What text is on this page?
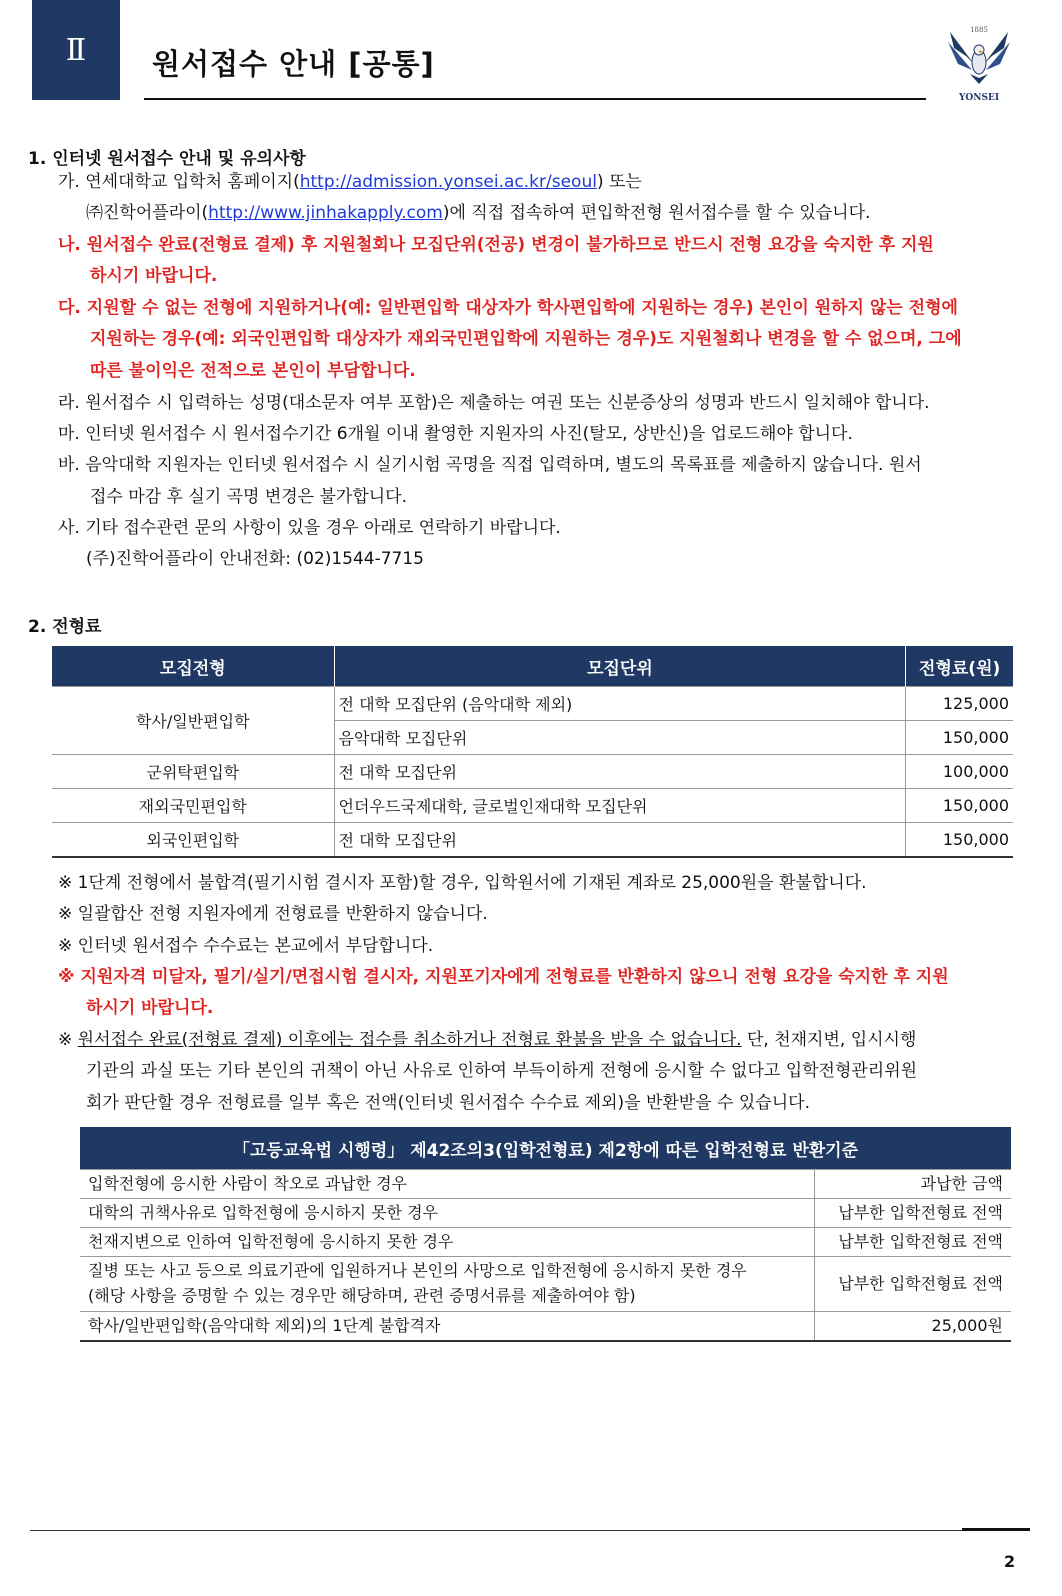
Ⅱ 원서접수 안내 [공통]
1885
YONSEI
1. 인터넷 원서접수 안내 및 유의사항
가. 연세대학교 입학처 홈페이지(http://admission.yonsei.ac.kr/seoul) 또는
㈜진학어플라이(http://www.jinhakapply.com)에 직접 접속하여 편입학전형 원서접수를 할 수 있습니다.
나. 원서접수 완료(전형료 결제) 후 지원철회나 모집단위(전공) 변경이 불가하므로 반드시 전형 요강을 숙지한 후 지원
하시기 바랍니다.
다. 지원할 수 없는 전형에 지원하거나(예: 일반편입학 대상자가 학사편입학에 지원하는 경우) 본인이 원하지 않는 전형에
지원하는 경우(예: 외국인편입학 대상자가 재외국민편입학에 지원하는 경우)도 지원철회나 변경을 할 수 없으며, 그에
따른 불이익은 전적으로 본인이 부담합니다.
라. 원서접수 시 입력하는 성명(대소문자 여부 포함)은 제출하는 여권 또는 신분증상의 성명과 반드시 일치해야 합니다.
마. 인터넷 원서접수 시 원서접수기간 6개월 이내 촬영한 지원자의 사진(탈모, 상반신)을 업로드해야 합니다.
바. 음악대학 지원자는 인터넷 원서접수 시 실기시험 곡명을 직접 입력하며, 별도의 목록표를 제출하지 않습니다. 원서
접수 마감 후 실기 곡명 변경은 불가합니다.
사. 기타 접수관련 문의 사항이 있을 경우 아래로 연락하기 바랍니다.
(주)진학어플라이 안내전화: (02)1544-7715
2. 전형료
모집전형	모집단위	전형료(원)
학사/일반편입학	전 대학 모집단위 (음악대학 제외)	125,000
	음악대학 모집단위	150,000
군위탁편입학	전 대학 모집단위	100,000
재외국민편입학	언더우드국제대학, 글로벌인재대학 모집단위	150,000
외국인편입학	전 대학 모집단위	150,000
※ 1단계 전형에서 불합격(필기시험 결시자 포함)할 경우, 입학원서에 기재된 계좌로 25,000원을 환불합니다.
※ 일괄합산 전형 지원자에게 전형료를 반환하지 않습니다.
※ 인터넷 원서접수 수수료는 본교에서 부담합니다.
※ 지원자격 미달자, 필기/실기/면접시험 결시자, 지원포기자에게 전형료를 반환하지 않으니 전형 요강을 숙지한 후 지원
하시기 바랍니다.
※ 원서접수 완료(전형료 결제) 이후에는 접수를 취소하거나 전형료 환불을 받을 수 없습니다. 단, 천재지변, 입시시행
기관의 과실 또는 기타 본인의 귀책이 아닌 사유로 인하여 부득이하게 전형에 응시할 수 없다고 입학전형관리위원
회가 판단할 경우 전형료를 일부 혹은 전액(인터넷 원서접수 수수료 제외)을 반환받을 수 있습니다.
「고등교육법 시행령」 제42조의3(입학전형료) 제2항에 따른 입학전형료 반환기준	
입학전형에 응시한 사람이 착오로 과납한 경우	과납한 금액
대학의 귀책사유로 입학전형에 응시하지 못한 경우	납부한 입학전형료 전액
천재지변으로 인하여 입학전형에 응시하지 못한 경우	납부한 입학전형료 전액

질병 또는 사고 등으로 의료기관에 입원하거나 본인의 사망으로 입학전형에 응시하지 못한 경우
(해당 사항을 증명할 수 있는 경우만 해당하며, 관련 증명서류를 제출하여야 함)	납부한 입학전형료 전액
학사/일반편입학(음악대학 제외)의 1단계 불합격자	25,000원
2
